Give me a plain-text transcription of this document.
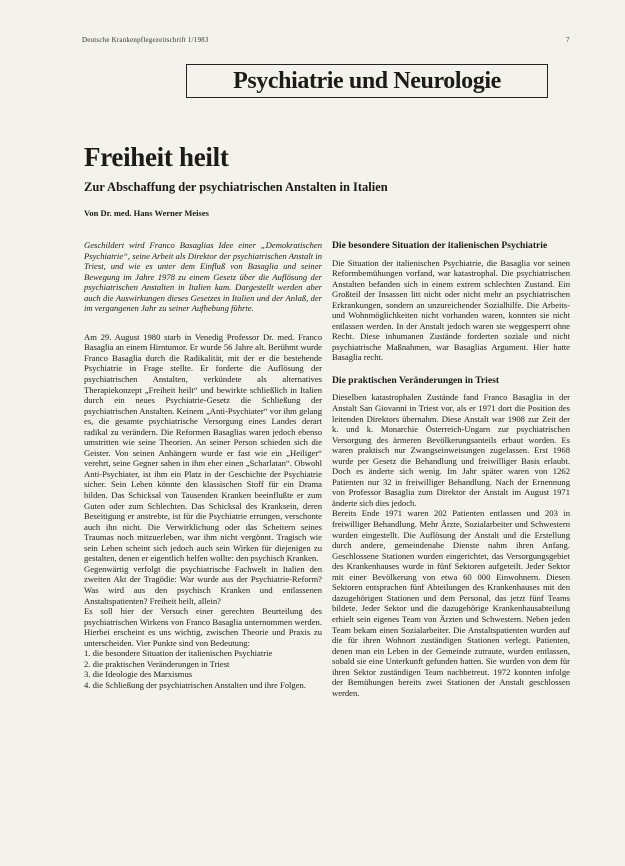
Deutsche Krankenpflegezeitschrift 1/1983	7
Psychiatrie und Neurologie
Freiheit heilt
Zur Abschaffung der psychiatrischen Anstalten in Italien
Von Dr. med. Hans Werner Meises

Geschildert wird Franco Basaglias Idee einer „Demokratischen Psychiatrie“, seine Arbeit als Direktor der psychiatrischen Anstalt in Triest, und wie es unter dem Einfluß von Basaglia und seiner Bewegung im Jahre 1978 zu einem Gesetz über die Auflösung der psychiatrischen Anstalten in Italien kam. Dargestellt werden aber auch die Auswirkungen dieses Gesetzes in Italien und der Anlaß, der im vergangenen Jahr zu seiner Aufhebung führte.

Am 29. August 1980 starb in Venedig Professor Dr. med. Franco Basaglia an einem Hirntumor. Er wurde 56 Jahre alt. Berühmt wurde Franco Basaglia durch die Radikalität, mit der er die bestehende Psychiatrie in Frage stellte. Er forderte die Auflösung der psychiatrischen Anstalten, verkündete als alternatives Therapiekonzept „Freiheit heilt“ und bewirkte schließlich in Italien durch ein neues Psychiatrie-Gesetz die Schließung der psychiatrischen Anstalten. Keinem „Anti-Psychiater“ vor ihm gelang es, die gesamte psychiatrische Versorgung eines Landes derart radikal zu verändern. Die Reformen Basaglias waren jedoch ebenso umstritten wie seine Theorien. An seiner Person schieden sich die Geister. Von seinen Anhängern wurde er fast wie ein „Heiliger“ verehrt, seine Gegner sahen in ihm eher einen „Scharlatan“. Obwohl Anti-Psychiater, ist ihm ein Platz in der Geschichte der Psychiatrie sicher. Sein Leben könnte den klassischen Stoff für ein Drama bilden. Das Schicksal von Tausenden Kranken beeinflußte er zum Guten oder zum Schlechten. Das Schicksal des Kranksein, deren Beseitigung er anstrebte, ist für die Psychiatrie errungen, verschonte auch ihn nicht. Die Verwirklichung oder das Scheitern seines Traumas noch mitzuerleben, war ihm nicht vergönnt. Tragisch wie sein Leben scheint sich jedoch auch sein Wirken für diejenigen zu gestalten, denen er eigentlich helfen wollte: den psychisch Kranken.

Gegenwärtig verfolgt die psychiatrische Fachwelt in Italien den zweiten Akt der Tragödie: War wurde aus der Psychiatrie-Reform? Was wird aus den psychisch Kranken und entlassenen Anstaltspatienten? Freiheit heilt, allein?

Es soll hier der Versuch einer gerechten Beurteilung des psychiatrischen Wirkens von Franco Basaglia unternommen werden. Hierbei erscheint es uns wichtig, zwischen Theorie und Praxis zu unterscheiden. Vier Punkte sind von Bedeutung:

1. die besondere Situation der italienischen Psychiatrie
2. die praktischen Veränderungen in Triest
3. die Ideologie des Marxismus
4. die Schließung der psychiatrischen Anstalten und ihre Folgen.
Die besondere Situation der italienischen Psychiatrie

Die Situation der italienischen Psychiatrie, die Basaglia vor seinen Reformbemühungen vorfand, war katastrophal. Die psychiatrischen Anstalten befanden sich in einem extrem schlechten Zustand. Ein Großteil der Insassen litt nicht oder nicht mehr an psychiatrischen Erkrankungen, sondern an unzureichender Sozialhilfe. Die Arbeits- und Wohnmöglichkeiten nicht vorhanden waren, konnten sie nicht entlassen werden. In der Anstalt jedoch waren sie weggesperrt ohne Recht. Diese inhumanen Zustände forderten soziale und nicht psychiatrische Maßnahmen, war Basaglias Argument. Hier hatte Basaglia recht.

Die praktischen Veränderungen in Triest

Dieselben katastrophalen Zustände fand Franco Basaglia in der Anstalt San Giovanni in Triest vor, als er 1971 dort die Position des leitenden Direktors übernahm. Diese Anstalt war 1908 zur Zeit der k. und k. Monarchie Österreich-Ungarn zur psychiatrischen Versorgung des ärmeren Bevölkerungsanteils erbaut worden. Es waren praktisch nur Zwangseinweisungen zugelassen. Erst 1968 wurde per Gesetz die Behandlung und freiwilliger Basis erlaubt. Doch es änderte sich wenig. Im Jahr später waren von 1262 Patienten nur 32 in freiwilliger Behandlung. Nach der Ernennung von Professor Basaglia zum Direktor der Anstalt im August 1971 änderte sich dies jedoch.

Bereits Ende 1971 waren 202 Patienten entlassen und 203 in freiwilliger Behandlung. Mehr Ärzte, Sozialarbeiter und Schwestern wurden eingestellt. Die Auflösung der Anstalt und die Erstellung durch andere, gemeindenahe Dienste nahm ihren Anfang. Geschlossene Stationen wurden eingerichtet, das Versorgungsgebiet des Krankenhauses wurde in fünf Sektoren aufgeteilt. Jeder Sektor mit einer Bevölkerung von etwa 60 000 Einwohnern. Diesen Sektoren entsprachen fünf Abteilungen des Krankenhauses mit den dazugehörigen Stationen und dem Personal, das jetzt fünf Teams bildete. Jeder Sektor und die dazugehörige Krankenhausabteilung erhielt sein eigenes Team von Ärzten und Schwestern. Neben jeden Team bekam einen Sozialarbeiter. Die Anstaltspatienten wurden auf die für ihren Wohnort zuständigen Stationen verlegt. Patienten, denen man ein Leben in der Gemeinde zutraute, wurden entlassen, sobald sie eine Unterkunft gefunden hatten. Sie wurden von dem für ihren Sektor zuständigen Team nachbetreut. 1972 konnten infolge der Bemühungen bereits zwei Stationen der Anstalt geschlossen werden.
